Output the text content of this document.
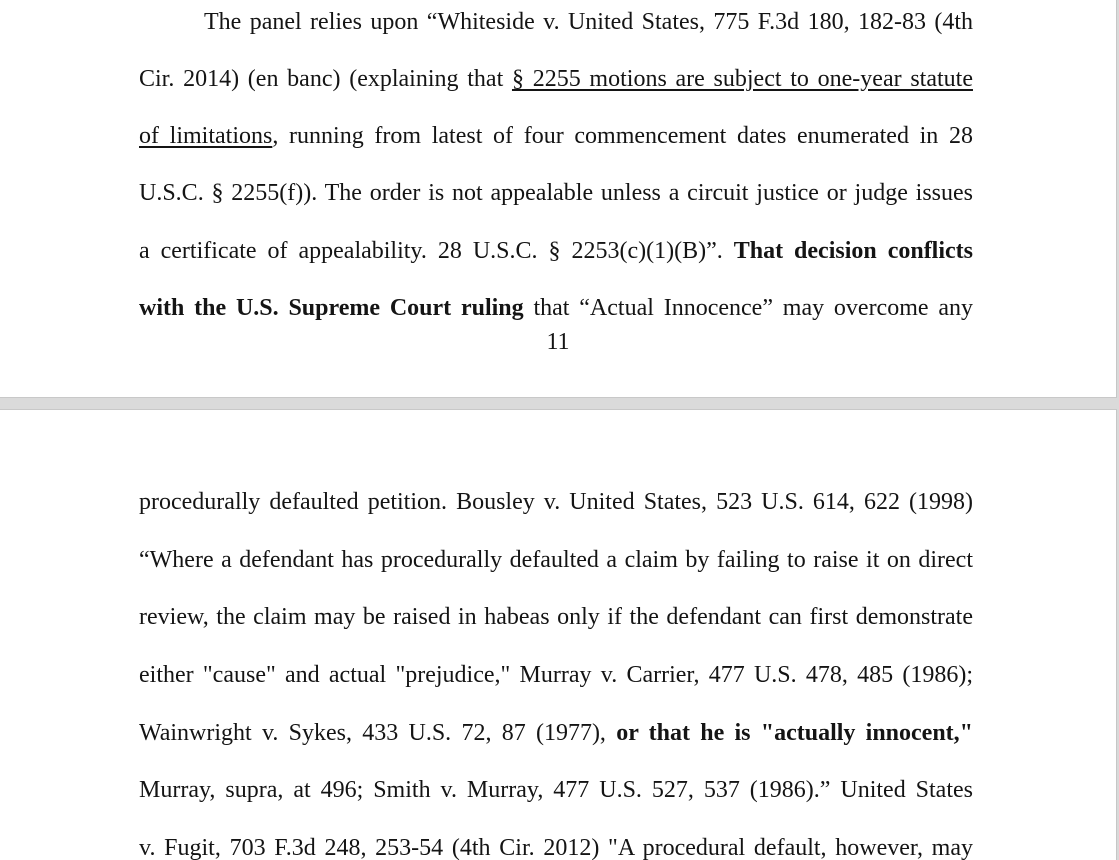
The panel relies upon “Whiteside v. United States, 775 F.3d 180, 182-83 (4th
Cir. 2014) (en banc) (explaining that § 2255 motions are subject to one-year statute
of limitations, running from latest of four commencement dates enumerated in 28
U.S.C. § 2255(f)). The order is not appealable unless a circuit justice or judge issues
a certificate of appealability. 28 U.S.C. § 2253(c)(1)(B)”. That decision conflicts
with the U.S. Supreme Court ruling that “Actual Innocence” may overcome any
11
procedurally defaulted petition. Bousley v. United States, 523 U.S. 614, 622 (1998)
“Where a defendant has procedurally defaulted a claim by failing to raise it on direct
review, the claim may be raised in habeas only if the defendant can first demonstrate
either "cause" and actual "prejudice," Murray v. Carrier, 477 U.S. 478, 485 (1986);
Wainwright v. Sykes, 433 U.S. 72, 87 (1977), or that he is "actually innocent,"
Murray, supra, at 496; Smith v. Murray, 477 U.S. 527, 537 (1986).” United States
v. Fugit, 703 F.3d 248, 253-54 (4th Cir. 2012) "A procedural default, however, may
